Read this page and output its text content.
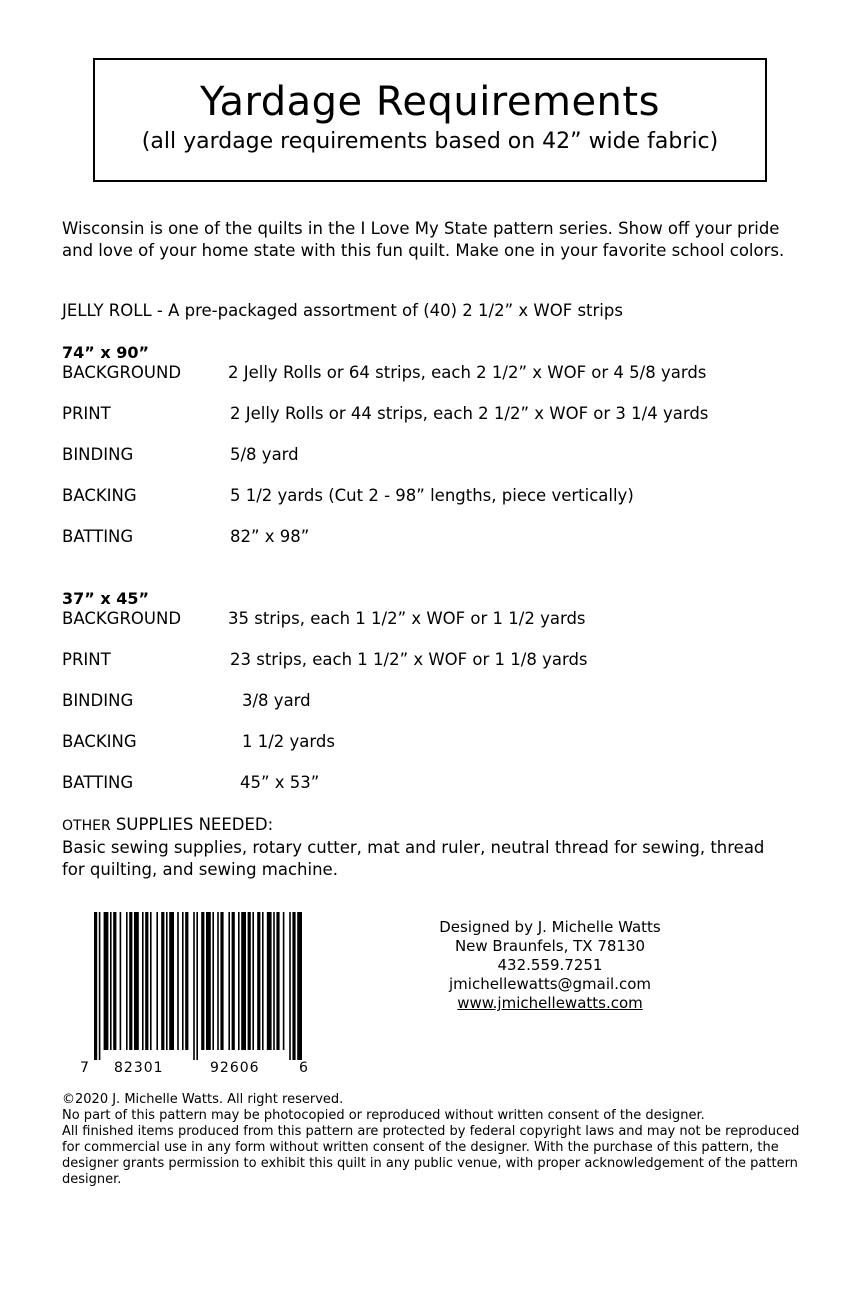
Yardage Requirements
(all yardage requirements based on 42” wide fabric)
Wisconsin is one of the quilts in the I Love My State pattern series. Show off your pride and love of your home state with this fun quilt. Make one in your favorite school colors.
JELLY ROLL - A pre-packaged assortment of (40) 2 1/2” x WOF strips
74” x 90”
BACKGROUND	2 Jelly Rolls or 64 strips, each 2 1/2” x WOF or 4 5/8 yards
PRINT	2 Jelly Rolls or 44 strips, each 2 1/2” x WOF or 3 1/4 yards
BINDING	5/8 yard
BACKING	5 1/2 yards (Cut 2 - 98” lengths, piece vertically)
BATTING	82” x 98”
37” x 45”
BACKGROUND	35 strips, each 1 1/2” x WOF or 1 1/2 yards
PRINT	23 strips, each 1 1/2” x WOF or 1 1/8 yards
BINDING	3/8 yard
BACKING	1 1/2 yards
BATTING	45” x 53”
OTHER SUPPLIES NEEDED:
Basic sewing supplies, rotary cutter, mat and ruler, neutral thread for sewing, thread for quilting, and sewing machine.
7 82301	92606	6
Designed by J. Michelle Watts
New Braunfels, TX 78130
432.559.7251
jmichellewatts@gmail.com
www.jmichellewatts.com
©2020 J. Michelle Watts. All right reserved.
No part of this pattern may be photocopied or reproduced without written consent of the designer.
All finished items produced from this pattern are protected by federal copyright laws and may not be reproduced for commercial use in any form without written consent of the designer. With the purchase of this pattern, the designer grants permission to exhibit this quilt in any public venue, with proper acknowledgement of the pattern designer.
